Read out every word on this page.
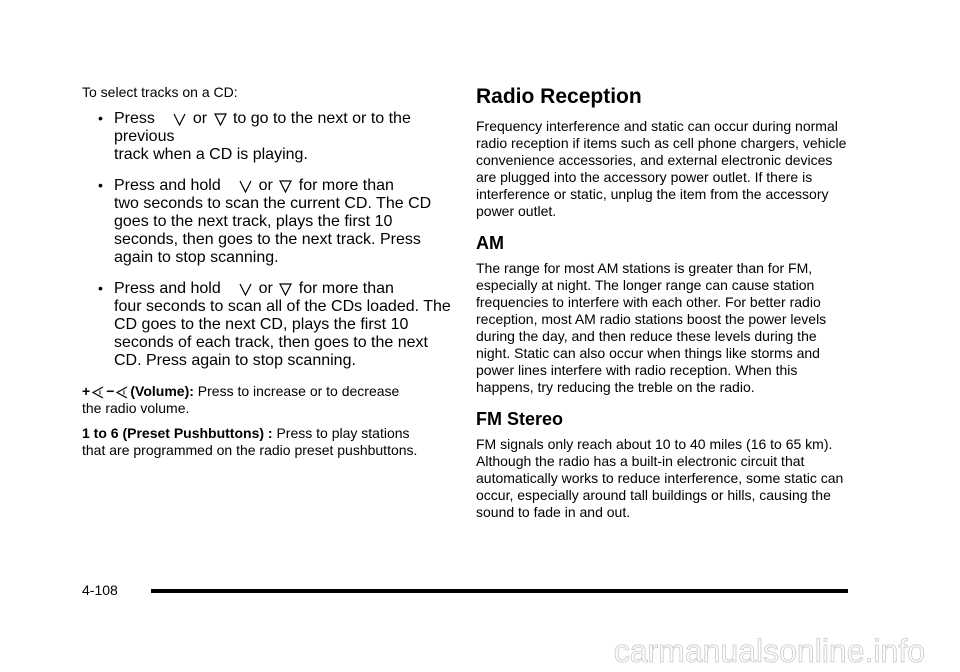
To select tracks on a CD:

• Press or to go to the next or to the previous
track when a CD is playing.
• Press and hold or for more than
two seconds to scan the current CD. The CD goes to the next track, plays the first 10 seconds, then goes to the next track. Press again to stop scanning.
• Press and hold or for more than
four seconds to scan all of the CDs loaded. The CD goes to the next CD, plays the first 10 seconds of each track, then goes to the next CD. Press again to stop scanning.

+ − (Volume): Press to increase or to decrease
the radio volume.

1 to 6 (Preset Pushbuttons) : Press to play stations
that are programmed on the radio preset pushbuttons.

Radio Reception

Frequency interference and static can occur during normal radio reception if items such as cell phone chargers, vehicle convenience accessories, and external electronic devices are plugged into the accessory power outlet. If there is interference or static, unplug the item from the accessory power outlet.

AM

The range for most AM stations is greater than for FM, especially at night. The longer range can cause station frequencies to interfere with each other. For better radio reception, most AM radio stations boost the power levels during the day, and then reduce these levels during the night. Static can also occur when things like storms and power lines interfere with radio reception. When this happens, try reducing the treble on the radio.

FM Stereo

FM signals only reach about 10 to 40 miles (16 to 65 km). Although the radio has a built-in electronic circuit that automatically works to reduce interference, some static can occur, especially around tall buildings or hills, causing the sound to fade in and out.

4-108
carmanualsonline.info
